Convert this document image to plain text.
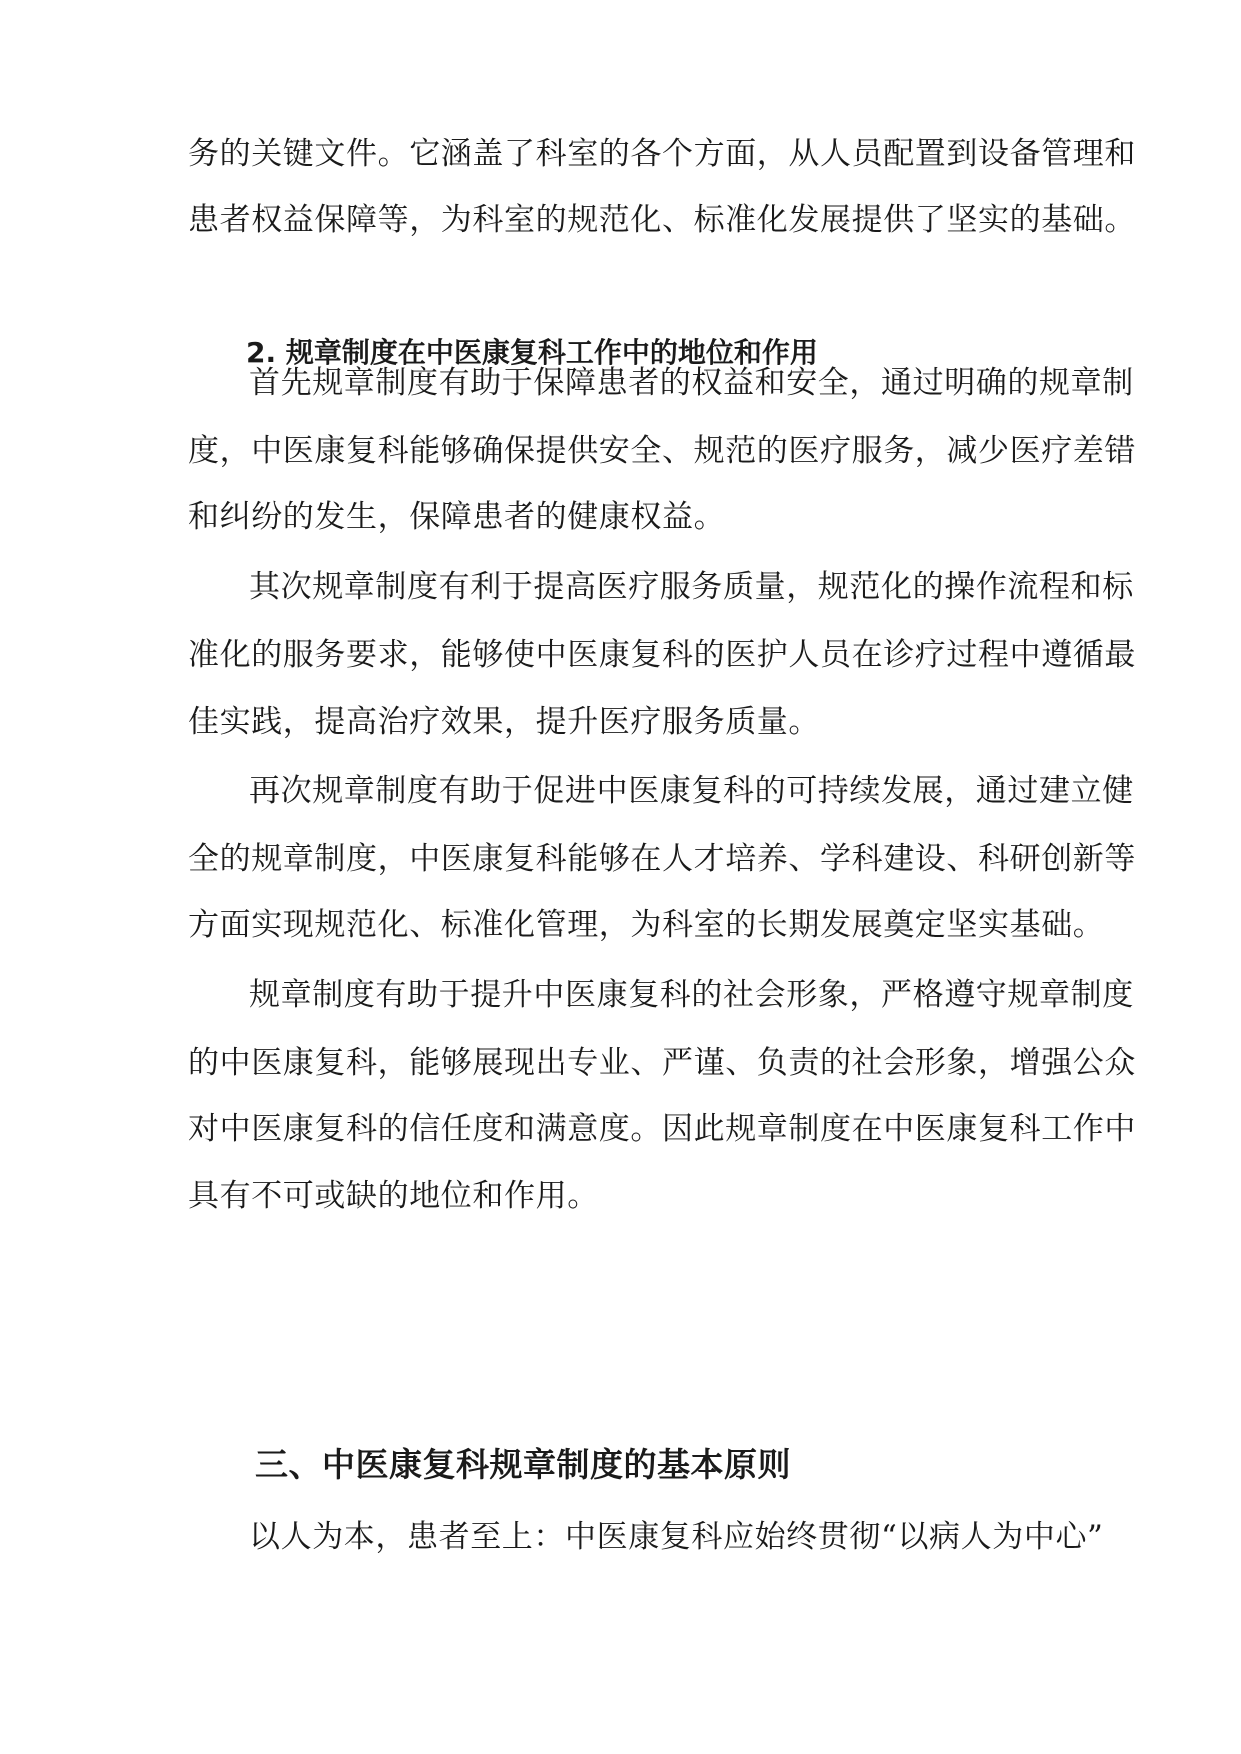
务的关键文件。它涵盖了科室的各个方面，从人员配置到设备管理和
患者权益保障等，为科室的规范化、标准化发展提供了坚实的基础。
2. 规章制度在中医康复科工作中的地位和作用
首先规章制度有助于保障患者的权益和安全，通过明确的规章制
度，中医康复科能够确保提供安全、规范的医疗服务，减少医疗差错
和纠纷的发生，保障患者的健康权益。
其次规章制度有利于提高医疗服务质量，规范化的操作流程和标
准化的服务要求，能够使中医康复科的医护人员在诊疗过程中遵循最
佳实践，提高治疗效果，提升医疗服务质量。
再次规章制度有助于促进中医康复科的可持续发展，通过建立健
全的规章制度，中医康复科能够在人才培养、学科建设、科研创新等
方面实现规范化、标准化管理，为科室的长期发展奠定坚实基础。
规章制度有助于提升中医康复科的社会形象，严格遵守规章制度
的中医康复科，能够展现出专业、严谨、负责的社会形象，增强公众
对中医康复科的信任度和满意度。因此规章制度在中医康复科工作中
具有不可或缺的地位和作用。
三、中医康复科规章制度的基本原则
以人为本，患者至上：中医康复科应始终贯彻“以病人为中心”
